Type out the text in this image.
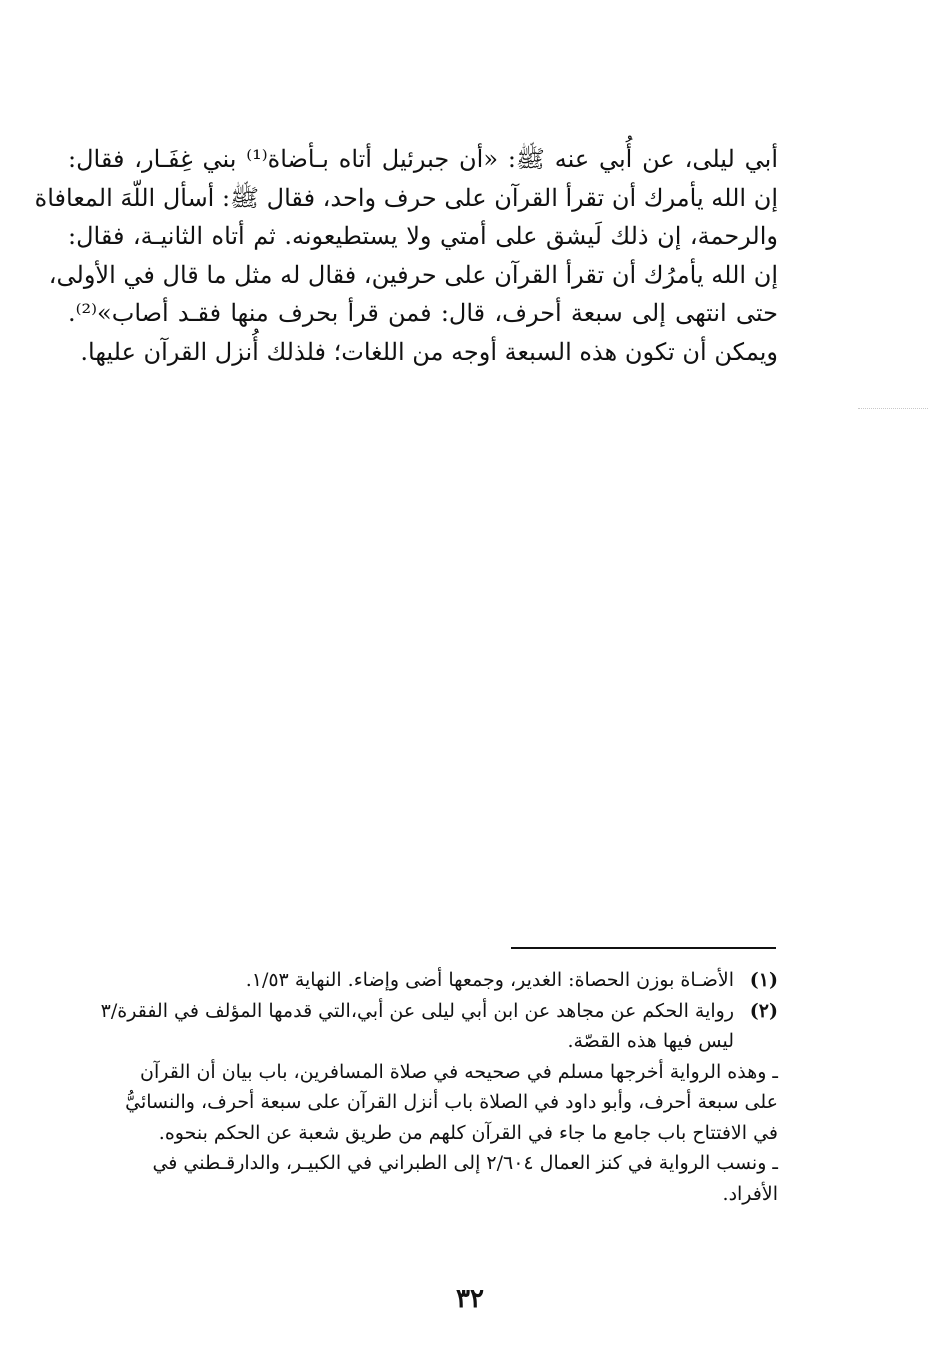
أبي ليلى، عن أُبي عنه ﷺ: «أن جبرئيل أتاه بـأضاة⁽¹⁾ بني غِفَـار، فقال:
إن الله يأمرك أن تقرأ القرآن على حرف واحد، فقال ﷺ: أسأل اللّهَ المعافاة
والرحمة، إن ذلك لَيشق على أمتي ولا يستطيعونه. ثم أتاه الثانيـة، فقال:
إن الله يأمرُك أن تقرأ القرآن على حرفين، فقال له مثل ما قال في الأولى،
حتى انتهى إلى سبعة أحرف، قال: فمن قرأ بحرف منها فقـد أصاب»⁽²⁾.
ويمكن أن تكون هذه السبعة أوجه من اللغات؛ فلذلك أُنزل القرآن عليها.
(١)الأضـاة بوزن الحصاة: الغدير، وجمعها أضى وإضاء. النهاية ١/٥٣.
(٢)رواية الحكم عن مجاهد عن ابن أبي ليلى عن أبي،التي قدمها المؤلف في الفقرة/٣
ليس فيها هذه القصّة.
ـ وهذه الرواية أخرجها مسلم في صحيحه في صلاة المسافرين، باب بيان أن القرآن
على سبعة أحرف، وأبو داود في الصلاة باب أنزل القرآن على سبعة أحرف، والنسائيُّ
في الافتتاح باب جامع ما جاء في القرآن كلهم من طريق شعبة عن الحكم بنحوه.
ـ ونسب الرواية في كنز العمال ٢/٦٠٤ إلى الطبراني في الكبيـر، والدارقـطني في
الأفراد.
٣٢
